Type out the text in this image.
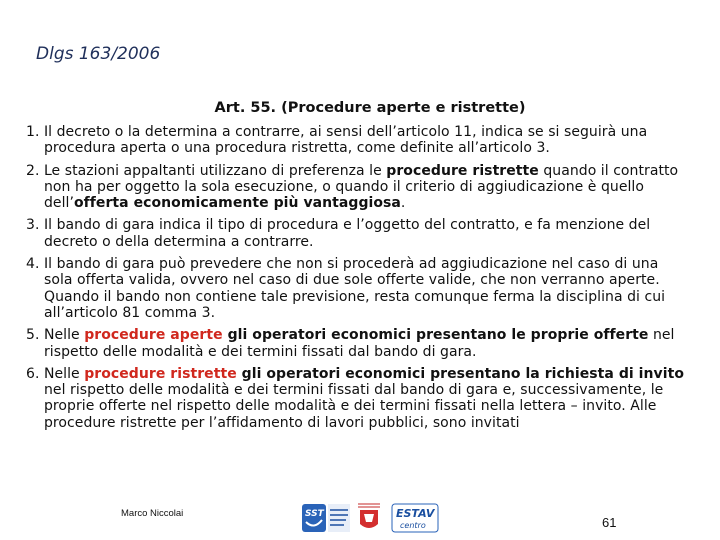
Dlgs 163/2006
Art. 55. (Procedure aperte e ristrette)
1. Il decreto o la determina a contrarre, ai sensi dell’articolo 11, indica se si seguirà una procedura aperta o una procedura ristretta, come definite all’articolo 3.
2. Le stazioni appaltanti utilizzano di preferenza le procedure ristrette quando il contratto non ha per oggetto la sola esecuzione, o quando il criterio di aggiudicazione è quello dell’offerta economicamente più vantaggiosa.
3. Il bando di gara indica il tipo di procedura e l’oggetto del contratto, e fa menzione del decreto o della determina a contrarre.
4. Il bando di gara può prevedere che non si procederà ad aggiudicazione nel caso di una sola offerta valida, ovvero nel caso di due sole offerte valide, che non verranno aperte. Quando il bando non contiene tale previsione, resta comunque ferma la disciplina di cui all’articolo 81 comma 3.
5. Nelle procedure aperte gli operatori economici presentano le proprie offerte nel rispetto delle modalità e dei termini fissati dal bando di gara.
6. Nelle procedure ristrette gli operatori economici presentano la richiesta di invito nel rispetto delle modalità e dei termini fissati dal bando di gara e, successivamente, le proprie offerte nel rispetto delle modalità e dei termini fissati nella lettera – invito. Alle procedure ristrette per l’affidamento di lavori pubblici, sono invitati
Marco Niccolai	SST	ESTAV
centro	61
